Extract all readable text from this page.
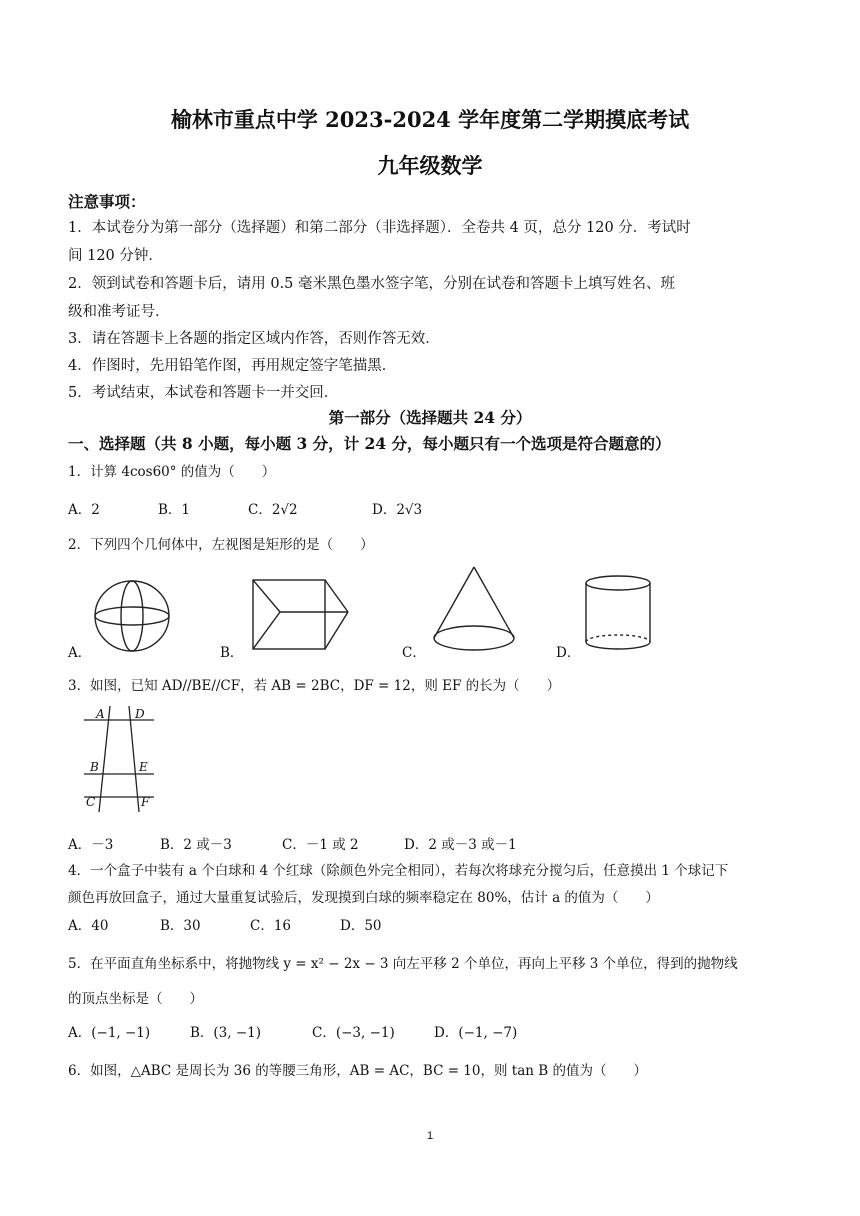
榆林市重点中学 2023-2024 学年度第二学期摸底考试
九年级数学
注意事项：
1．本试卷分为第一部分（选择题）和第二部分（非选择题）．全卷共 4 页，总分 120 分．考试时
间 120 分钟．
2．领到试卷和答题卡后，请用 0.5 毫米黑色墨水签字笔，分别在试卷和答题卡上填写姓名、班
级和准考证号．
3．请在答题卡上各题的指定区域内作答，否则作答无效．
4．作图时，先用铅笔作图，再用规定签字笔描黑．
5．考试结束，本试卷和答题卡一并交回．
第一部分（选择题共 24 分）
一、选择题（共 8 小题，每小题 3 分，计 24 分，每小题只有一个选项是符合题意的）
1．计算 4cos60° 的值为（　　）
A．2	B．1	C．2√2	D．2√3
2．下列四个几何体中，左视图是矩形的是（　　）
A．	B．	C．	D．
3．如图，已知 AD//BE//CF，若 AB = 2BC，DF = 12，则 EF 的长为（　　）
A	D
B	E
C	F
A．－3	B．2 或－3	C．－1 或 2	D．2 或－3 或－1
4．一个盒子中装有 a 个白球和 4 个红球（除颜色外完全相同），若每次将球充分搅匀后，任意摸出 1 个球记下
颜色再放回盒子，通过大量重复试验后，发现摸到白球的频率稳定在 80%，估计 a 的值为（　　）
A．40	B．30	C．16	D．50
5．在平面直角坐标系中，将抛物线 y = x² − 2x − 3 向左平移 2 个单位，再向上平移 3 个单位，得到的抛物线
的顶点坐标是（　　）
A．(−1, −1)	B．(3, −1)	C．(−3, −1)	D．(−1, −7)
6．如图，△ABC 是周长为 36 的等腰三角形，AB = AC，BC = 10，则 tan B 的值为（　　）
1
